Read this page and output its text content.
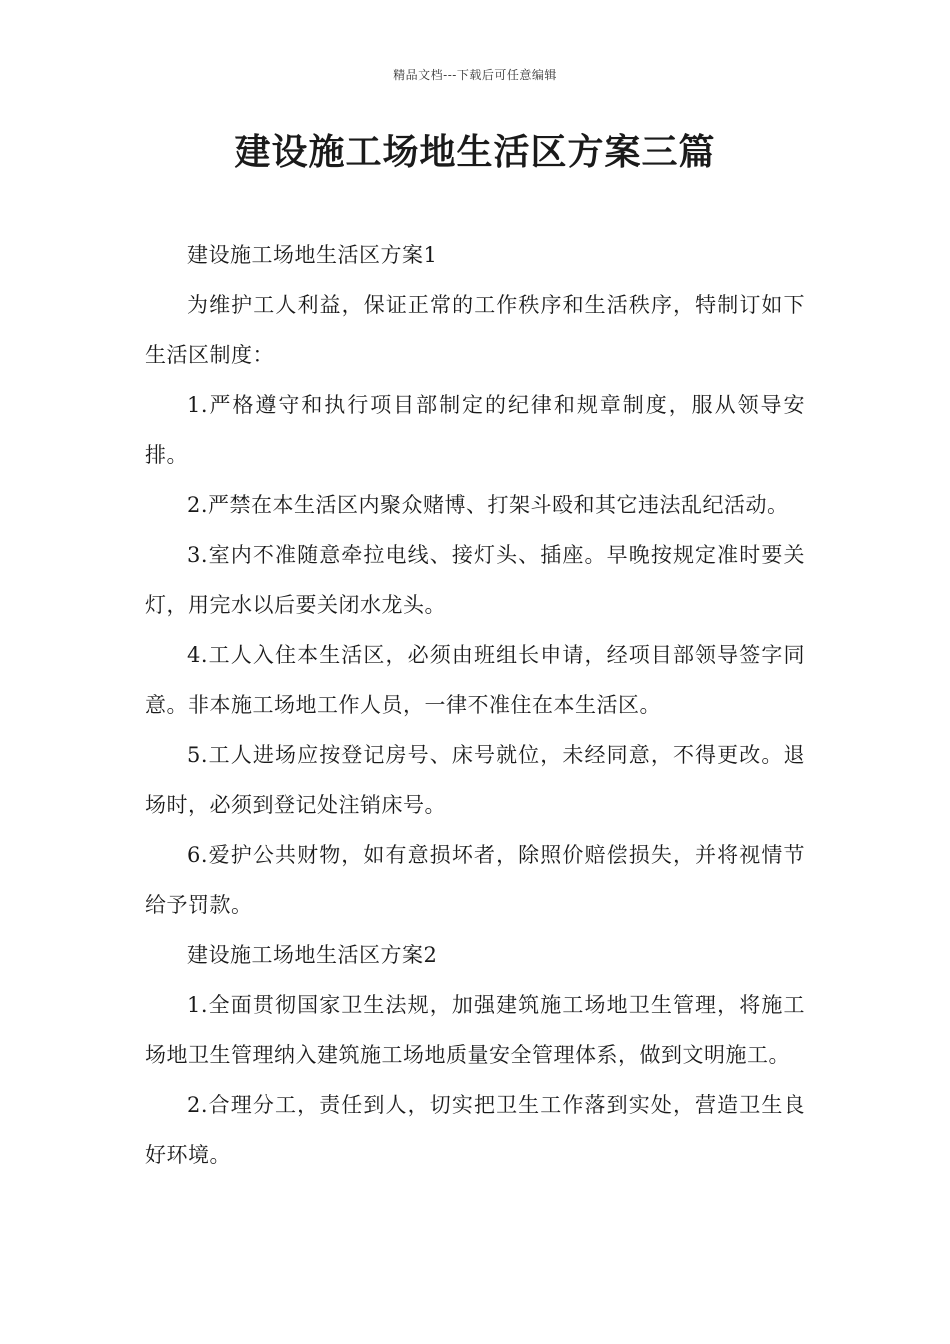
精品文档---下载后可任意编辑
建设施工场地生活区方案三篇

建设施工场地生活区方案1

为维护工人利益，保证正常的工作秩序和生活秩序，特制订如下生活区制度：

1.严格遵守和执行项目部制定的纪律和规章制度，服从领导安排。

2.严禁在本生活区内聚众赌博、打架斗殴和其它违法乱纪活动。

3.室内不准随意牵拉电线、接灯头、插座。早晚按规定准时要关灯，用完水以后要关闭水龙头。

4.工人入住本生活区，必须由班组长申请，经项目部领导签字同意。非本施工场地工作人员，一律不准住在本生活区。

5.工人进场应按登记房号、床号就位，未经同意，不得更改。退场时，必须到登记处注销床号。

6.爱护公共财物，如有意损坏者，除照价赔偿损失，并将视情节给予罚款。

建设施工场地生活区方案2

1.全面贯彻国家卫生法规，加强建筑施工场地卫生管理，将施工场地卫生管理纳入建筑施工场地质量安全管理体系，做到文明施工。

2.合理分工，责任到人，切实把卫生工作落到实处，营造卫生良好环境。
